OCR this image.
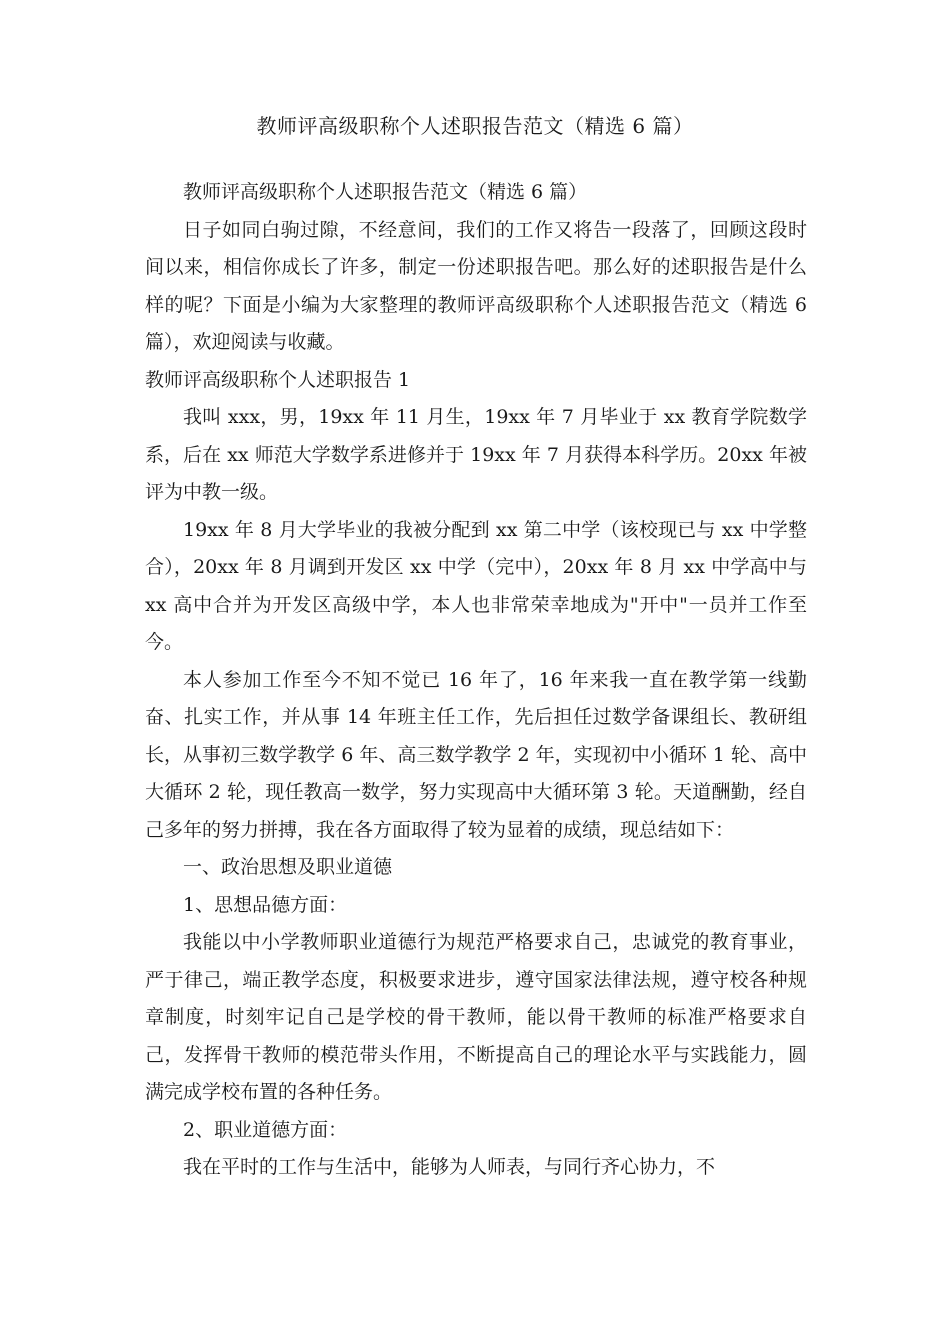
教师评高级职称个人述职报告范文（精选 6 篇）

教师评高级职称个人述职报告范文（精选 6 篇）

日子如同白驹过隙，不经意间，我们的工作又将告一段落了，回顾这段时间以来，相信你成长了许多，制定一份述职报告吧。那么好的述职报告是什么样的呢？下面是小编为大家整理的教师评高级职称个人述职报告范文（精选 6 篇），欢迎阅读与收藏。

教师评高级职称个人述职报告 1

我叫 xxx，男，19xx 年 11 月生，19xx 年 7 月毕业于 xx 教育学院数学系，后在 xx 师范大学数学系进修并于 19xx 年 7 月获得本科学历。20xx 年被评为中教一级。

19xx 年 8 月大学毕业的我被分配到 xx 第二中学（该校现已与 xx 中学整合），20xx 年 8 月调到开发区 xx 中学（完中），20xx 年 8 月 xx 中学高中与 xx 高中合并为开发区高级中学，本人也非常荣幸地成为"开中"一员并工作至今。

本人参加工作至今不知不觉已 16 年了，16 年来我一直在教学第一线勤奋、扎实工作，并从事 14 年班主任工作，先后担任过数学备课组长、教研组长，从事初三数学教学 6 年、高三数学教学 2 年，实现初中小循环 1 轮、高中大循环 2 轮，现任教高一数学，努力实现高中大循环第 3 轮。天道酬勤，经自己多年的努力拼搏，我在各方面取得了较为显着的成绩，现总结如下：

一、政治思想及职业道德

1、思想品德方面：

我能以中小学教师职业道德行为规范严格要求自己，忠诚党的教育事业，严于律己，端正教学态度，积极要求进步，遵守国家法律法规，遵守校各种规章制度，时刻牢记自己是学校的骨干教师，能以骨干教师的标准严格要求自己，发挥骨干教师的模范带头作用，不断提高自己的理论水平与实践能力，圆满完成学校布置的各种任务。

2、职业道德方面：

我在平时的工作与生活中，能够为人师表，与同行齐心协力，不
